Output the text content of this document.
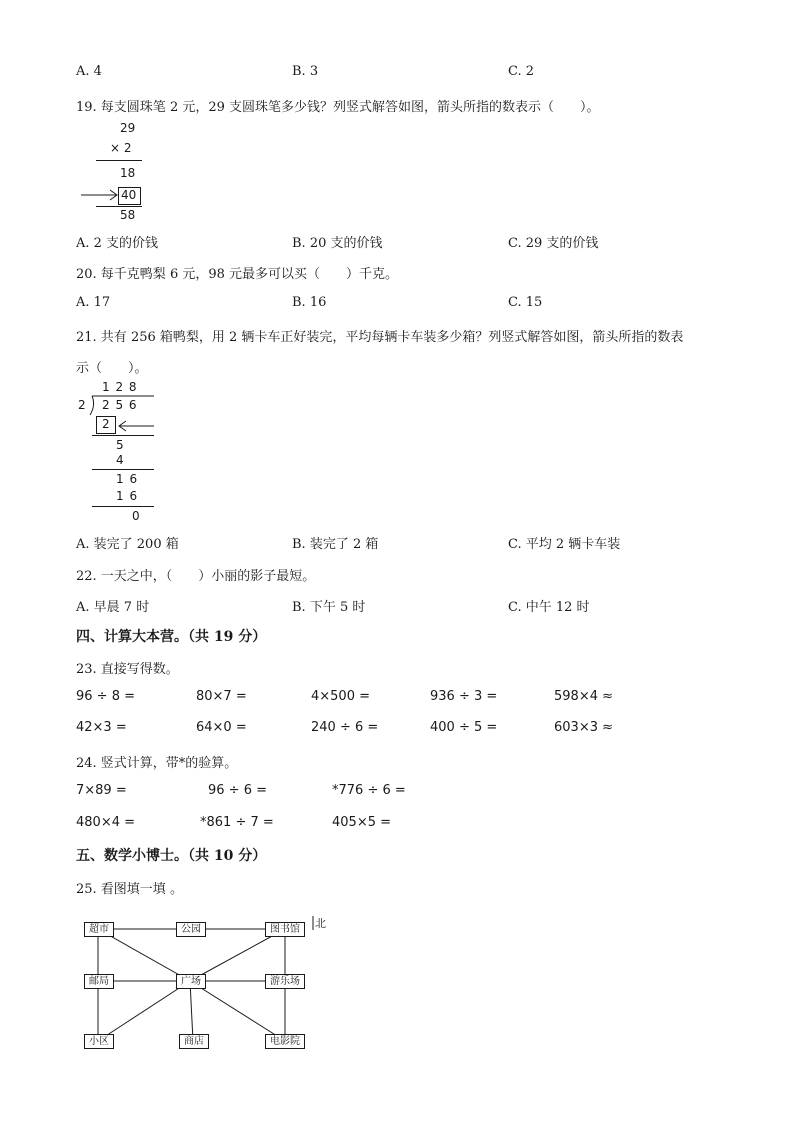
A. 4	B. 3	C. 2
19. 每支圆珠笔 2 元，29 支圆珠笔多少钱？列竖式解答如图，箭头所指的数表示（　　）。
29
× 2
18
40
58
A. 2 支的价钱	B. 20 支的价钱	C. 29 支的价钱
20. 每千克鸭梨 6 元，98 元最多可以买（　　）千克。
A. 17	B. 16	C. 15
21. 共有 256 箱鸭梨，用 2 辆卡车正好装完，平均每辆卡车装多少箱？列竖式解答如图，箭头所指的数表
示（　　）。
1 2 8
2 2 5 6
2
5
4
1 6
1 6
0
A. 装完了 200 箱	B. 装完了 2 箱	C. 平均 2 辆卡车装
22. 一天之中，（　　）小丽的影子最短。
A. 早晨 7 时	B. 下午 5 时	C. 中午 12 时
四、计算大本营。（共 19 分）
23. 直接写得数。
96 ÷ 8 =	80×7 =	4×500 =	936 ÷ 3 =	598×4 ≈
42×3 =	64×0 =	240 ÷ 6 =	400 ÷ 5 =	603×3 ≈
24. 竖式计算，带*的验算。
7×89 =	96 ÷ 6 =	*776 ÷ 6 =
480×4 =	*861 ÷ 7 =	405×5 =
五、数学小博士。（共 10 分）
25. 看图填一填 。
超市	公园	图书馆	北
邮局	广场	游乐场
小区	商店	电影院
